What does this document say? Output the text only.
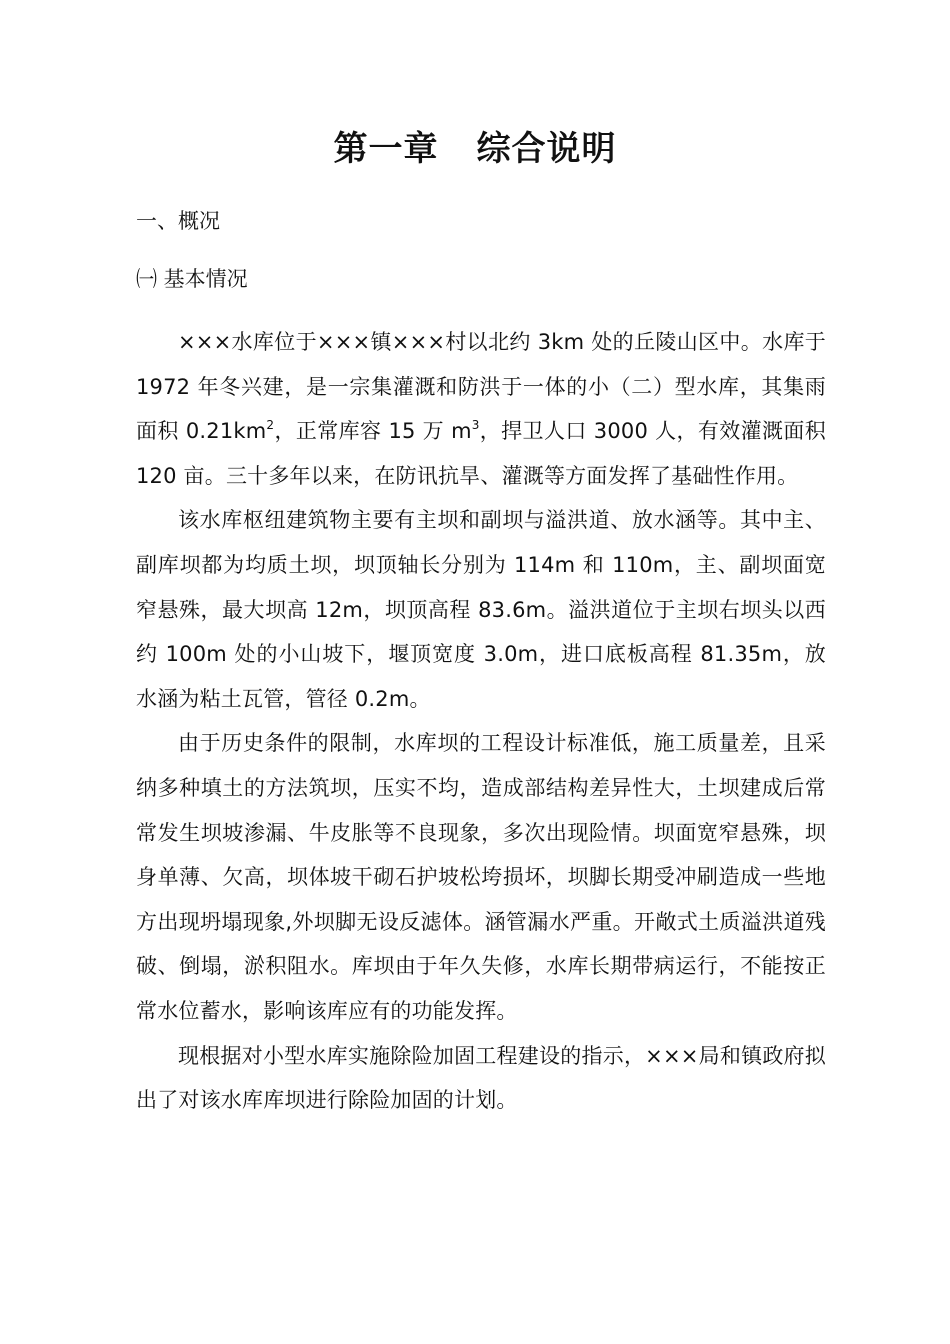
第一章 综合说明

一、概况

㈠ 基本情况

×××水库位于×××镇×××村以北约 3km 处的丘陵山区中。水库于 1972 年冬兴建，是一宗集灌溉和防洪于一体的小（二）型水库，其集雨面积 $0.21km^2$，正常库容 15 万 $m^3$，捍卫人口 3000 人，有效灌溉面积 120 亩。三十多年以来，在防讯抗旱、灌溉等方面发挥了基础性作用。

该水库枢纽建筑物主要有主坝和副坝与溢洪道、放水涵等。其中主、副库坝都为均质土坝，坝顶轴长分别为 114m 和 110m，主、副坝面宽窄悬殊，最大坝高 12m，坝顶高程 83.6m。溢洪道位于主坝右坝头以西约 100m 处的小山坡下，堰顶宽度 3.0m，进口底板高程 81.35m，放水涵为粘土瓦管，管径 0.2m。

由于历史条件的限制，水库坝的工程设计标准低，施工质量差，且采纳多种填土的方法筑坝，压实不均，造成部结构差异性大，土坝建成后常常发生坝坡渗漏、牛皮胀等不良现象，多次出现险情。坝面宽窄悬殊，坝身单薄、欠高，坝体坡干砌石护坡松垮损坏，坝脚长期受冲刷造成一些地方出现坍塌现象,外坝脚无设反滤体。涵管漏水严重。开敞式土质溢洪道残破、倒塌，淤积阻水。库坝由于年久失修，水库长期带病运行，不能按正常水位蓄水，影响该库应有的功能发挥。

现根据对小型水库实施除险加固工程建设的指示，×××局和镇政府拟出了对该水库库坝进行除险加固的计划。
